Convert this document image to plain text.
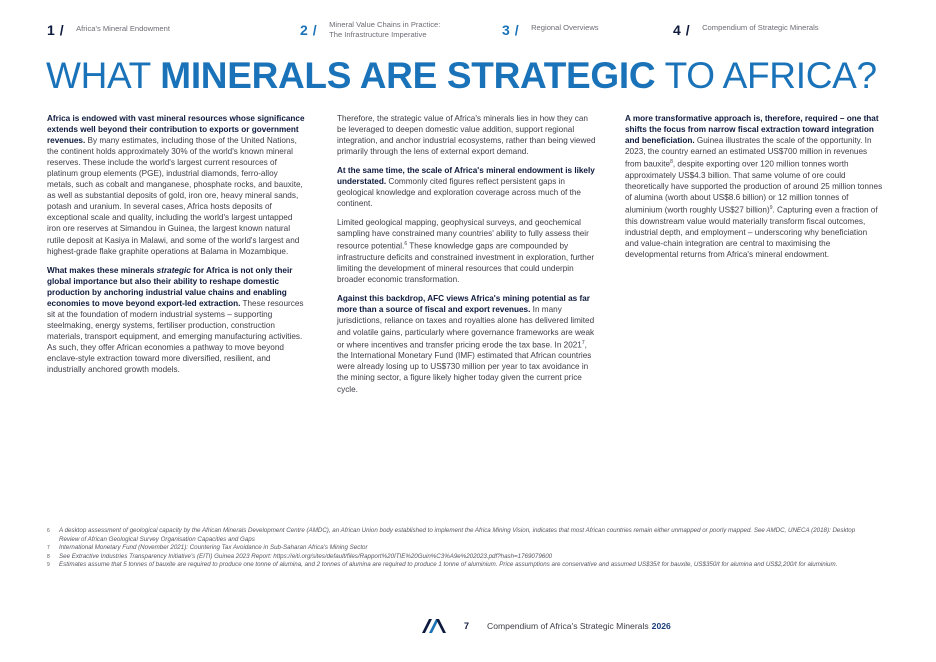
1 / Africa's Mineral Endowment	2 / Mineral Value Chains in Practice:
The Infrastructure Imperative	3 / Regional Overviews	4 / Compendium of Strategic Minerals
WHAT MINERALS ARE STRATEGIC TO AFRICA?

Africa is endowed with vast mineral resources whose significance extends well beyond their contribution to exports or government revenues. By many estimates, including those of the United Nations, the continent holds approximately 30% of the world's known mineral reserves. These include the world's largest current resources of platinum group elements (PGE), industrial diamonds, ferro-alloy metals, such as cobalt and manganese, phosphate rocks, and bauxite, as well as substantial deposits of gold, iron ore, heavy mineral sands, potash and uranium. In several cases, Africa hosts deposits of exceptional scale and quality, including the world's largest untapped iron ore reserves at Simandou in Guinea, the largest known natural rutile deposit at Kasiya in Malawi, and some of the world's largest and highest-grade flake graphite operations at Balama in Mozambique.

What makes these minerals strategic for Africa is not only their global importance but also their ability to reshape domestic production by anchoring industrial value chains and enabling economies to move beyond export-led extraction. These resources sit at the foundation of modern industrial systems – supporting steelmaking, energy systems, fertiliser production, construction materials, transport equipment, and emerging manufacturing activities. As such, they offer African economies a pathway to move beyond enclave-style extraction toward more diversified, resilient, and industrially anchored growth models.

Therefore, the strategic value of Africa's minerals lies in how they can be leveraged to deepen domestic value addition, support regional integration, and anchor industrial ecosystems, rather than being viewed primarily through the lens of external export demand.

At the same time, the scale of Africa's mineral endowment is likely understated. Commonly cited figures reflect persistent gaps in geological knowledge and exploration coverage across much of the continent.

Limited geological mapping, geophysical surveys, and geochemical sampling have constrained many countries' ability to fully assess their resource potential.$^6$ These knowledge gaps are compounded by infrastructure deficits and constrained investment in exploration, further limiting the development of mineral resources that could underpin broader economic transformation.

Against this backdrop, AFC views Africa's mining potential as far more than a source of fiscal and export revenues. In many jurisdictions, reliance on taxes and royalties alone has delivered limited and volatile gains, particularly where governance frameworks are weak or where incentives and transfer pricing erode the tax base. In 2021$^7$, the International Monetary Fund (IMF) estimated that African countries were already losing up to US$730 million per year to tax avoidance in the mining sector, a figure likely higher today given the current price cycle.

A more transformative approach is, therefore, required – one that shifts the focus from narrow fiscal extraction toward integration and beneficiation. Guinea illustrates the scale of the opportunity. In 2023, the country earned an estimated US$700 million in revenues from bauxite$^8$, despite exporting over 120 million tonnes worth approximately US$4.3 billion. That same volume of ore could theoretically have supported the production of around 25 million tonnes of alumina (worth about US$8.6 billion) or 12 million tonnes of aluminium (worth roughly US$27 billion)$^9$. Capturing even a fraction of this downstream value would materially transform fiscal outcomes, industrial depth, and employment – underscoring why beneficiation and value-chain integration are central to maximising the developmental returns from Africa's mineral endowment.

6	A desktop assessment of geological capacity by the African Minerals Development Centre (AMDC), an African Union body established to implement the Africa Mining Vision, indicates that most African countries remain either unmapped or poorly mapped. See AMDC, UNECA (2018): Desktop Review of African Geological Survey Organisation Capacities and Gaps
7	International Monetary Fund (November 2021): Countering Tax Avoidance in Sub-Saharan Africa's Mining Sector
8	See Extractive Industries Transparency Initiative's (EITI) Guinea 2023 Report: https://eiti.org/sites/default/files/Rapport%20ITIE%20Guin%C3%A9e%202023.pdf?hash=1769079600
9	Estimates assume that 5 tonnes of bauxite are required to produce one tonne of alumina, and 2 tonnes of alumina are required to produce 1 tonne of aluminium. Price assumptions are conservative and assumed US$35/t for bauxite, US$350/t for alumina and US$2,200/t for aluminium.
7 Compendium of Africa's Strategic Minerals 2026
